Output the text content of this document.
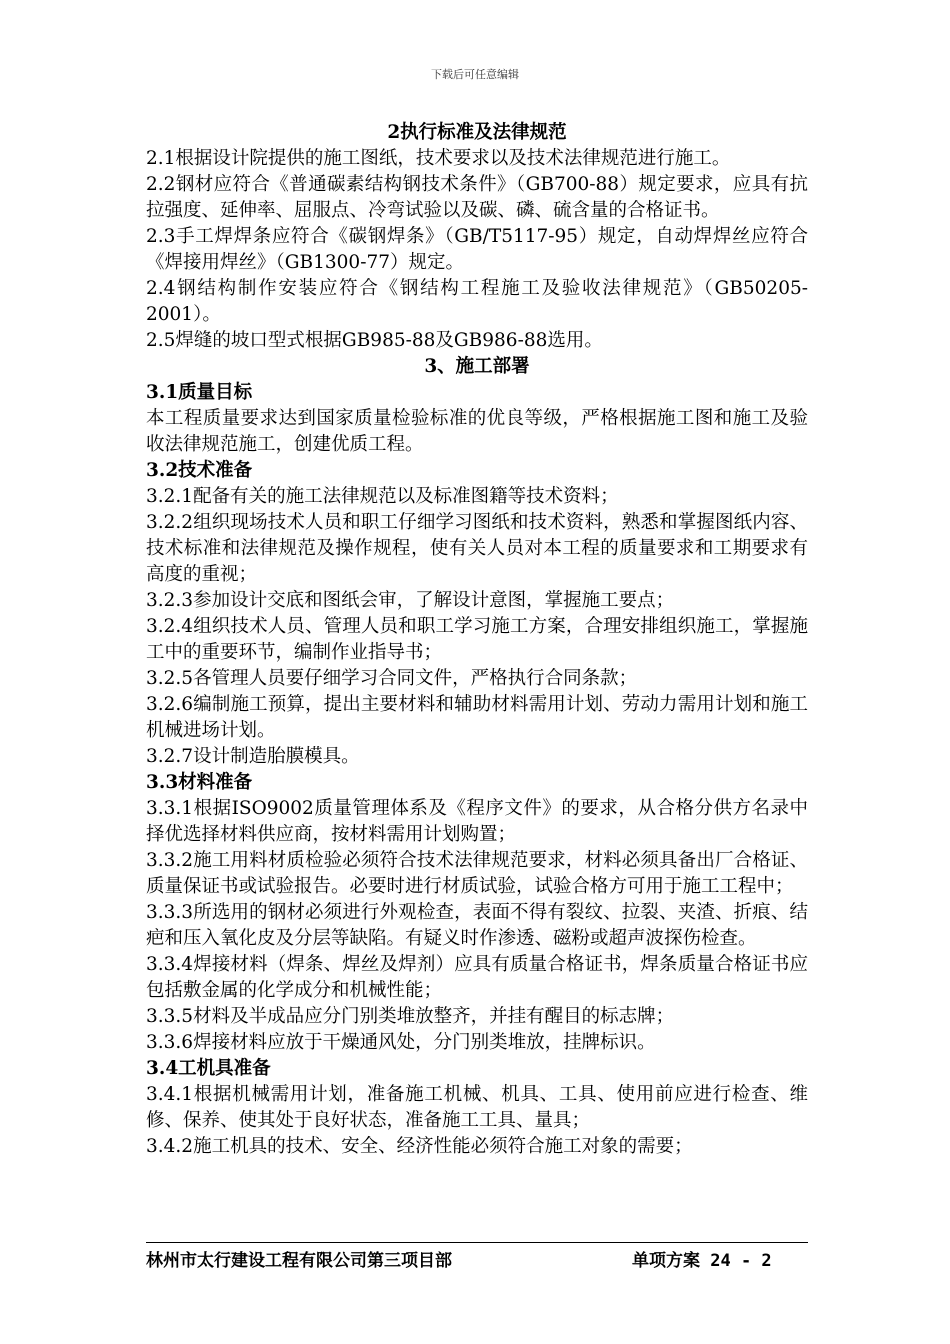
下载后可任意编辑

2执行标准及法律规范

2.1根据设计院提供的施工图纸，技术要求以及技术法律规范进行施工。

2.2钢材应符合《普通碳素结构钢技术条件》（GB700-88）规定要求，应具有抗拉强度、延伸率、屈服点、冷弯试验以及碳、磷、硫含量的合格证书。

2.3手工焊焊条应符合《碳钢焊条》（GB/T5117-95）规定，自动焊焊丝应符合《焊接用焊丝》（GB1300-77）规定。

2.4钢结构制作安装应符合《钢结构工程施工及验收法律规范》（GB50205-2001）。

2.5焊缝的坡口型式根据GB985-88及GB986-88选用。

3、施工部署

3.1质量目标

本工程质量要求达到国家质量检验标准的优良等级，严格根据施工图和施工及验收法律规范施工，创建优质工程。

3.2技术准备

3.2.1配备有关的施工法律规范以及标准图籍等技术资料；

3.2.2组织现场技术人员和职工仔细学习图纸和技术资料，熟悉和掌握图纸内容、技术标准和法律规范及操作规程，使有关人员对本工程的质量要求和工期要求有高度的重视；

3.2.3参加设计交底和图纸会审，了解设计意图，掌握施工要点；

3.2.4组织技术人员、管理人员和职工学习施工方案，合理安排组织施工，掌握施工中的重要环节，编制作业指导书；

3.2.5各管理人员要仔细学习合同文件，严格执行合同条款；

3.2.6编制施工预算，提出主要材料和辅助材料需用计划、劳动力需用计划和施工机械进场计划。

3.2.7设计制造胎膜模具。

3.3材料准备

3.3.1根据ISO9002质量管理体系及《程序文件》的要求，从合格分供方名录中择优选择材料供应商，按材料需用计划购置；

3.3.2施工用料材质检验必须符合技术法律规范要求，材料必须具备出厂合格证、质量保证书或试验报告。必要时进行材质试验，试验合格方可用于施工工程中；

3.3.3所选用的钢材必须进行外观检查，表面不得有裂纹、拉裂、夹渣、折痕、结疤和压入氧化皮及分层等缺陷。有疑义时作渗透、磁粉或超声波探伤检查。

3.3.4焊接材料（焊条、焊丝及焊剂）应具有质量合格证书，焊条质量合格证书应包括敷金属的化学成分和机械性能；

3.3.5材料及半成品应分门别类堆放整齐，并挂有醒目的标志牌；

3.3.6焊接材料应放于干燥通风处，分门别类堆放，挂牌标识。

3.4工机具准备

3.4.1根据机械需用计划，准备施工机械、机具、工具、使用前应进行检查、维修、保养、使其处于良好状态，准备施工工具、量具；

3.4.2施工机具的技术、安全、经济性能必须符合施工对象的需要；

林州市太行建设工程有限公司第三项目部	单项方案 24 - 2
